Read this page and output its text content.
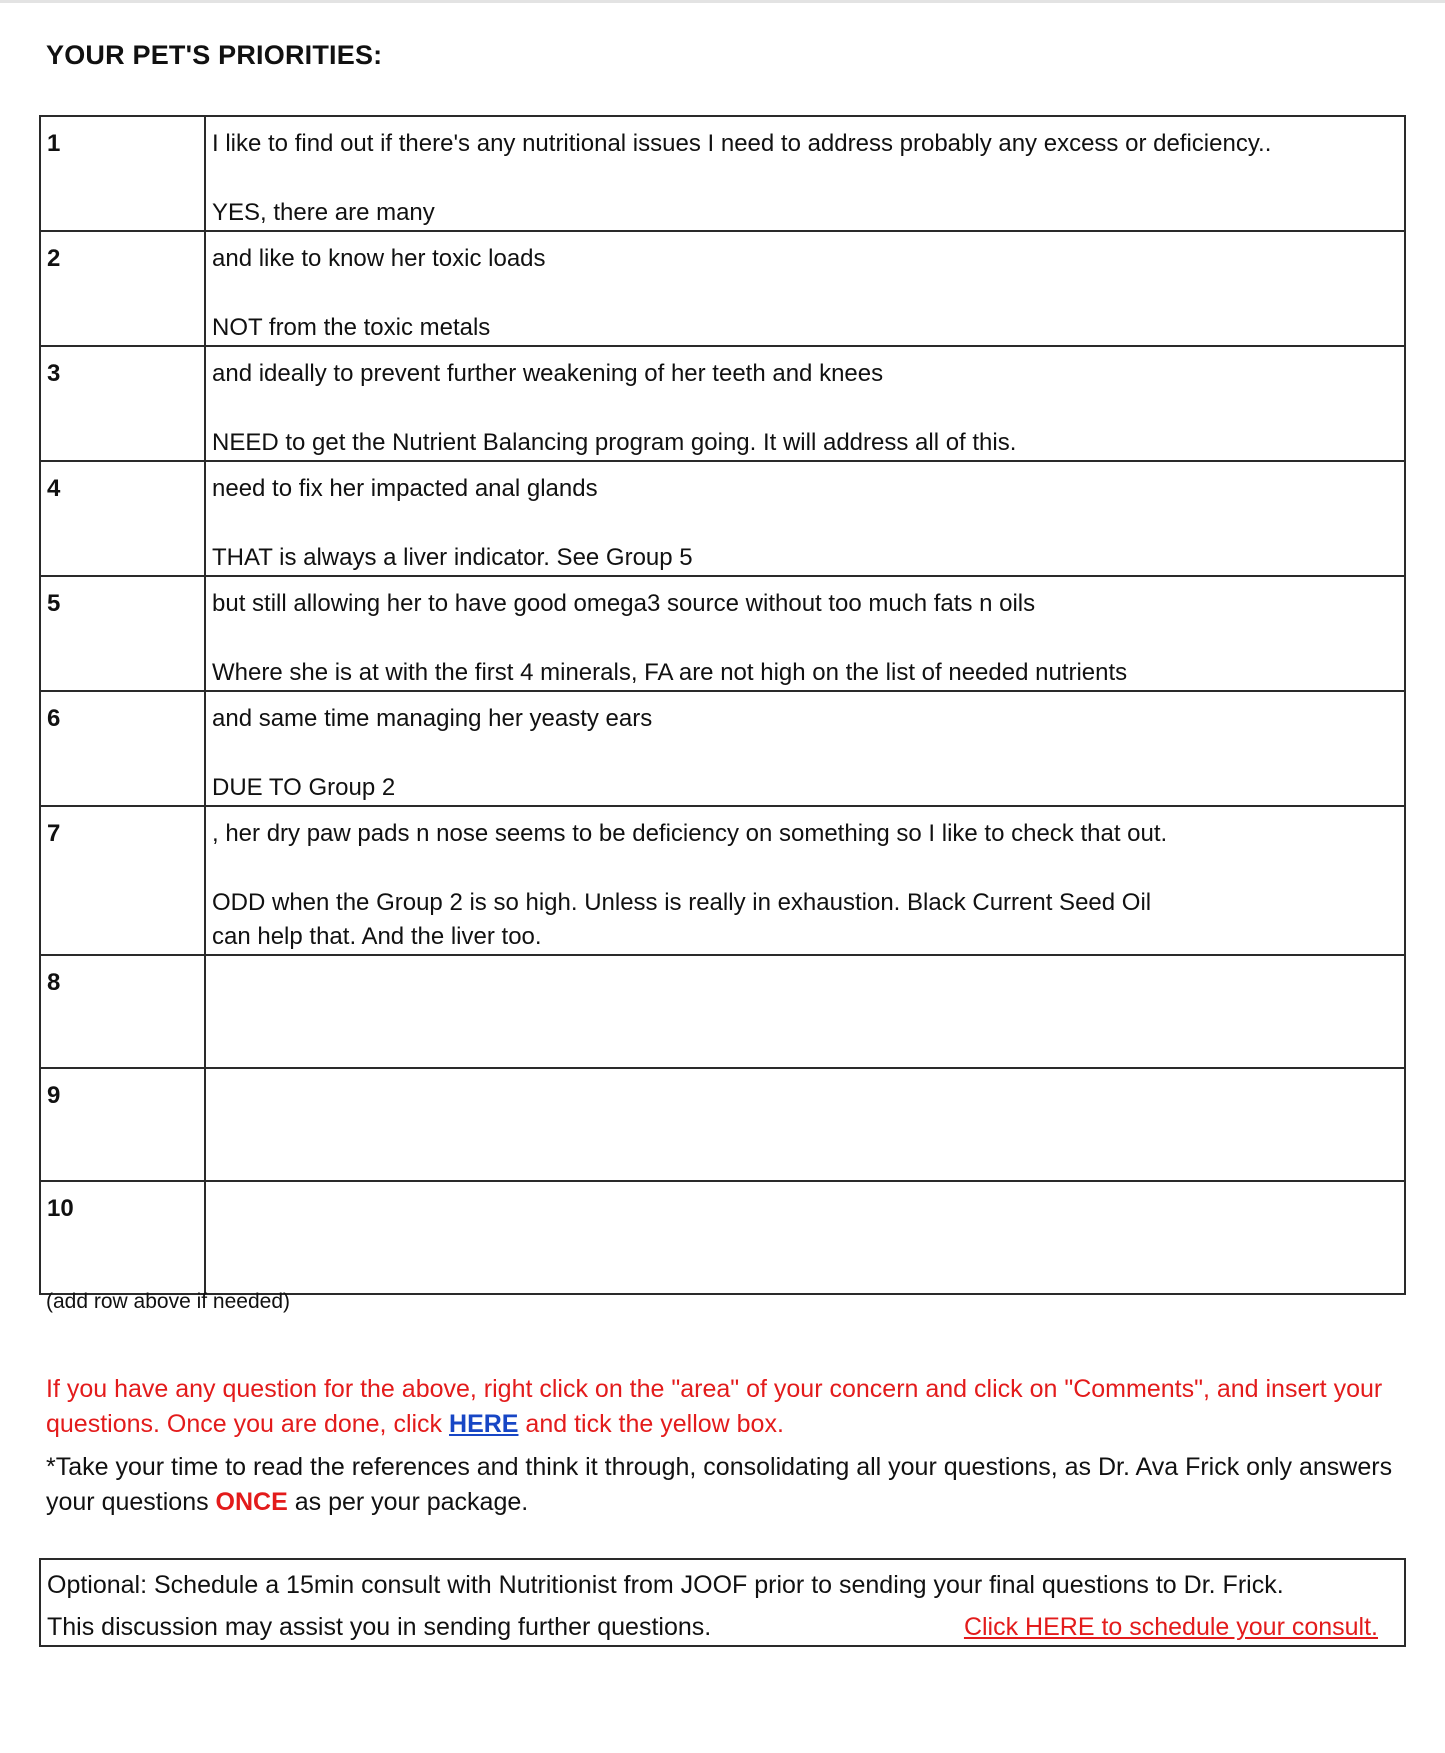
YOUR PET'S PRIORITIES:
1	I like to find out if there's any nutritional issues I need to address probably any excess or deficiency..
YES, there are many

2	and like to know her toxic loads
NOT from the toxic metals

3	and ideally to prevent further weakening of her teeth and knees
NEED to get the Nutrient Balancing program going. It will address all of this.

4	need to fix her impacted anal glands
THAT is always a liver indicator. See Group 5

5	but still allowing her to have good omega3 source without too much fats n oils
Where she is at with the first 4 minerals, FA are not high on the list of needed nutrients

6	and same time managing her yeasty ears
DUE TO Group 2

7	, her dry paw pads n nose seems to be deficiency on something so I like to check that out.
ODD when the Group 2 is so high. Unless is really in exhaustion. Black Current Seed Oil
can help that. And the liver too.

8	
9	
10	
(add row above if needed)
If you have any question for the above, right click on the "area" of your concern and click on "Comments", and insert your questions. Once you are done, click HERE and tick the yellow box.
*Take your time to read the references and think it through, consolidating all your questions, as Dr. Ava Frick only answers your questions ONCE as per your package.
Optional: Schedule a 15min consult with Nutritionist from JOOF prior to sending your final questions to Dr. Frick.
This discussion may assist you in sending further questions.	Click HERE to schedule your consult.
